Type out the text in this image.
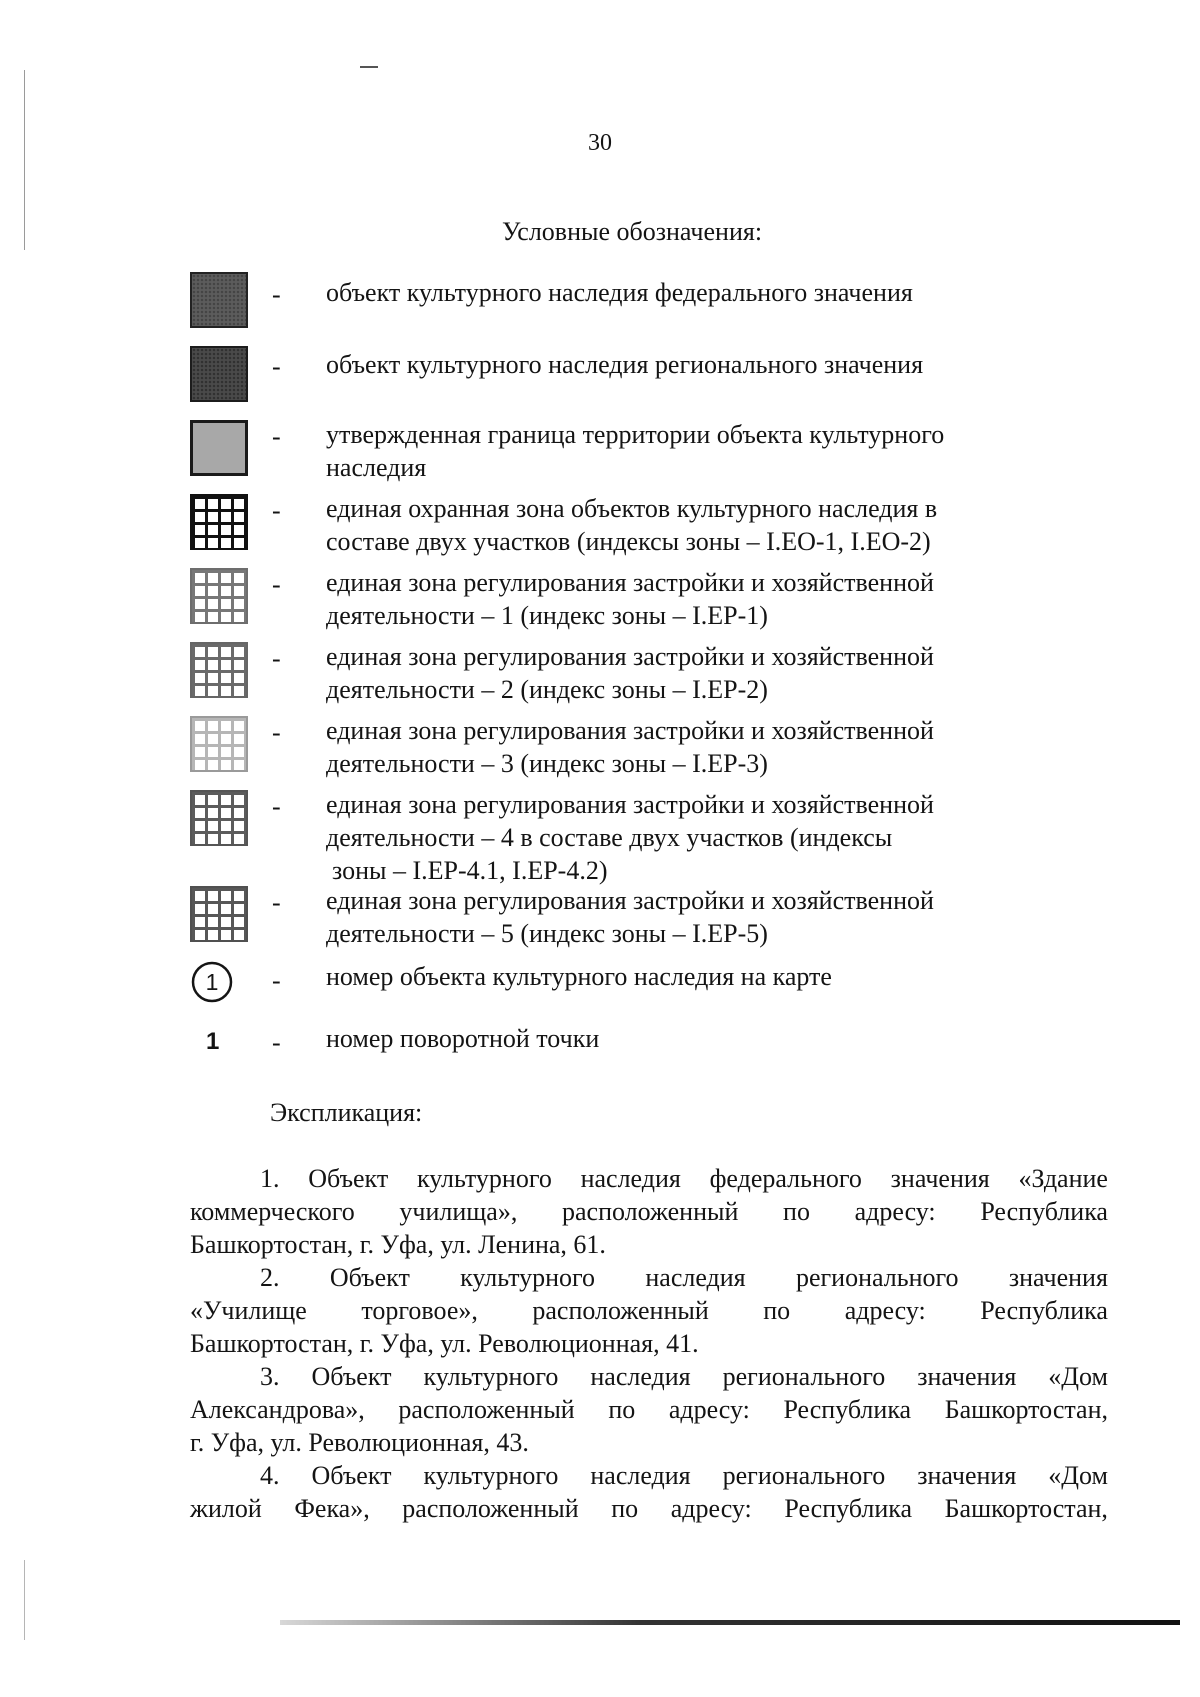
30
Условные обозначения:
- объект культурного наследия федерального значения
- объект культурного наследия регионального значения
- утвержденная граница территории объекта культурного
наследия
- единая охранная зона объектов культурного наследия в
составе двух участков (индексы зоны – I.ЕО-1, I.ЕО-2)
- единая зона регулирования застройки и хозяйственной
деятельности – 1 (индекс зоны – I.ЕР-1)
- единая зона регулирования застройки и хозяйственной
деятельности – 2 (индекс зоны – I.ЕР-2)
- единая зона регулирования застройки и хозяйственной
деятельности – 3 (индекс зоны – I.ЕР-3)
- единая зона регулирования застройки и хозяйственной
деятельности – 4 в составе двух участков (индексы
зоны – I.ЕР-4.1, I.ЕР-4.2)
- единая зона регулирования застройки и хозяйственной
деятельности – 5 (индекс зоны – I.ЕР-5)
1 - номер объекта культурного наследия на карте
1 - номер поворотной точки
Экспликация:
1. Объект культурного наследия федерального значения «Здание
коммерческого училища», расположенный по адресу: Республика
Башкортостан, г. Уфа, ул. Ленина, 61.
2. Объект культурного наследия регионального значения
«Училище торговое», расположенный по адресу: Республика
Башкортостан, г. Уфа, ул. Революционная, 41.
3. Объект культурного наследия регионального значения «Дом
Александрова», расположенный по адресу: Республика Башкортостан,
г. Уфа, ул. Революционная, 43.
4. Объект культурного наследия регионального значения «Дом
жилой Фека», расположенный по адресу: Республика Башкортостан,
